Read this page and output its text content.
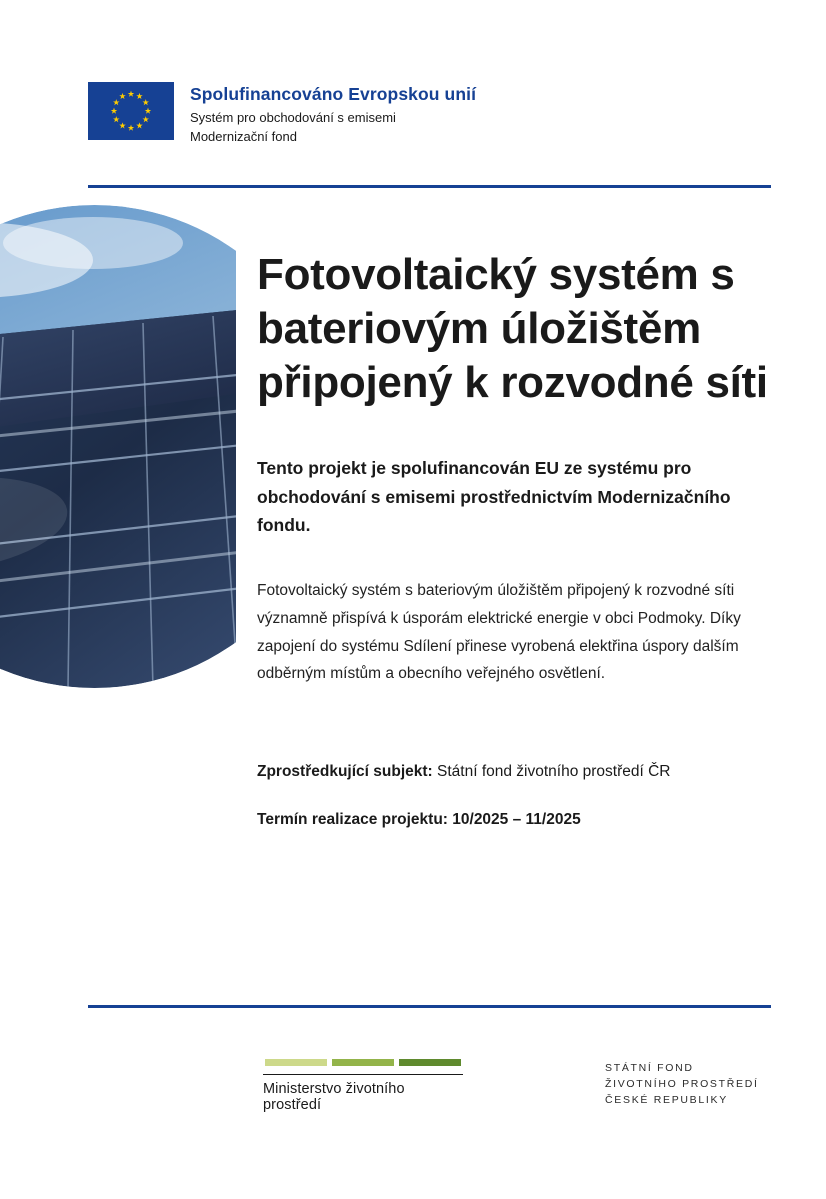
Spolufinancováno Evropskou unií
Systém pro obchodování s emisemi
Modernizační fond
Fotovoltaický systém s bateriovým úložištěm připojený k rozvodné síti

Tento projekt je spolufinancován EU ze systému pro obchodování s emisemi prostřednictvím Modernizačního fondu.

Fotovoltaický systém s bateriovým úložištěm připojený k rozvodné síti významně přispívá k úsporám elektrické energie v obci Podmoky. Díky zapojení do systému Sdílení přinese vyrobená elektřina úspory dalším odběrným místům a obecního veřejného osvětlení.

Zprostředkující subjekt: Státní fond životního prostředí ČR
Termín realizace projektu: 10/2025 – 11/2025
Ministerstvo životního prostředí
STÁTNÍ FOND
ŽIVOTNÍHO PROSTŘEDÍ
ČESKÉ REPUBLIKY
